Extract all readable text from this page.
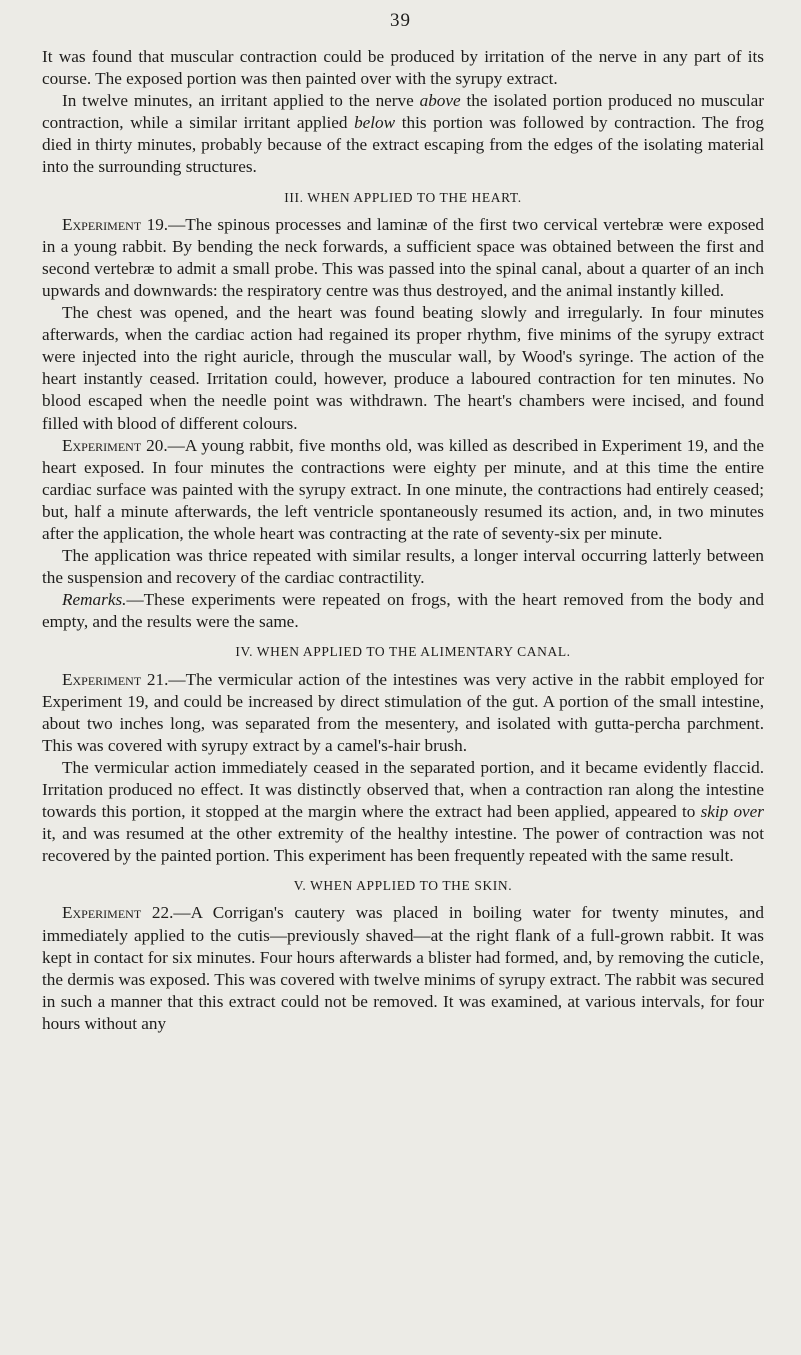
39

It was found that muscular contraction could be produced by irritation of the nerve in any part of its course. The exposed portion was then painted over with the syrupy extract.

In twelve minutes, an irritant applied to the nerve above the isolated portion produced no muscular contraction, while a similar irritant applied below this portion was followed by contraction. The frog died in thirty minutes, probably because of the extract escaping from the edges of the isolating material into the surrounding structures.

III. WHEN APPLIED TO THE HEART.

Experiment 19.—The spinous processes and laminæ of the first two cervical vertebræ were exposed in a young rabbit. By bending the neck forwards, a sufficient space was obtained between the first and second vertebræ to admit a small probe. This was passed into the spinal canal, about a quarter of an inch upwards and downwards: the respiratory centre was thus destroyed, and the animal instantly killed.

The chest was opened, and the heart was found beating slowly and irregularly. In four minutes afterwards, when the cardiac action had regained its proper rhythm, five minims of the syrupy extract were injected into the right auricle, through the muscular wall, by Wood's syringe. The action of the heart instantly ceased. Irritation could, however, produce a laboured contraction for ten minutes. No blood escaped when the needle point was withdrawn. The heart's chambers were incised, and found filled with blood of different colours.

Experiment 20.—A young rabbit, five months old, was killed as described in Experiment 19, and the heart exposed. In four minutes the contractions were eighty per minute, and at this time the entire cardiac surface was painted with the syrupy extract. In one minute, the contractions had entirely ceased; but, half a minute afterwards, the left ventricle spontaneously resumed its action, and, in two minutes after the application, the whole heart was contracting at the rate of seventy-six per minute.

The application was thrice repeated with similar results, a longer interval occurring latterly between the suspension and recovery of the cardiac contractility.

Remarks.—These experiments were repeated on frogs, with the heart removed from the body and empty, and the results were the same.

IV. WHEN APPLIED TO THE ALIMENTARY CANAL.

Experiment 21.—The vermicular action of the intestines was very active in the rabbit employed for Experiment 19, and could be increased by direct stimulation of the gut. A portion of the small intestine, about two inches long, was separated from the mesentery, and isolated with gutta-percha parchment. This was covered with syrupy extract by a camel's-hair brush.

The vermicular action immediately ceased in the separated portion, and it became evidently flaccid. Irritation produced no effect. It was distinctly observed that, when a contraction ran along the intestine towards this portion, it stopped at the margin where the extract had been applied, appeared to skip over it, and was resumed at the other extremity of the healthy intestine. The power of contraction was not recovered by the painted portion. This experiment has been frequently repeated with the same result.

V. WHEN APPLIED TO THE SKIN.

Experiment 22.—A Corrigan's cautery was placed in boiling water for twenty minutes, and immediately applied to the cutis—previously shaved—at the right flank of a full-grown rabbit. It was kept in contact for six minutes. Four hours afterwards a blister had formed, and, by removing the cuticle, the dermis was exposed. This was covered with twelve minims of syrupy extract. The rabbit was secured in such a manner that this extract could not be removed. It was examined, at various intervals, for four hours without any
